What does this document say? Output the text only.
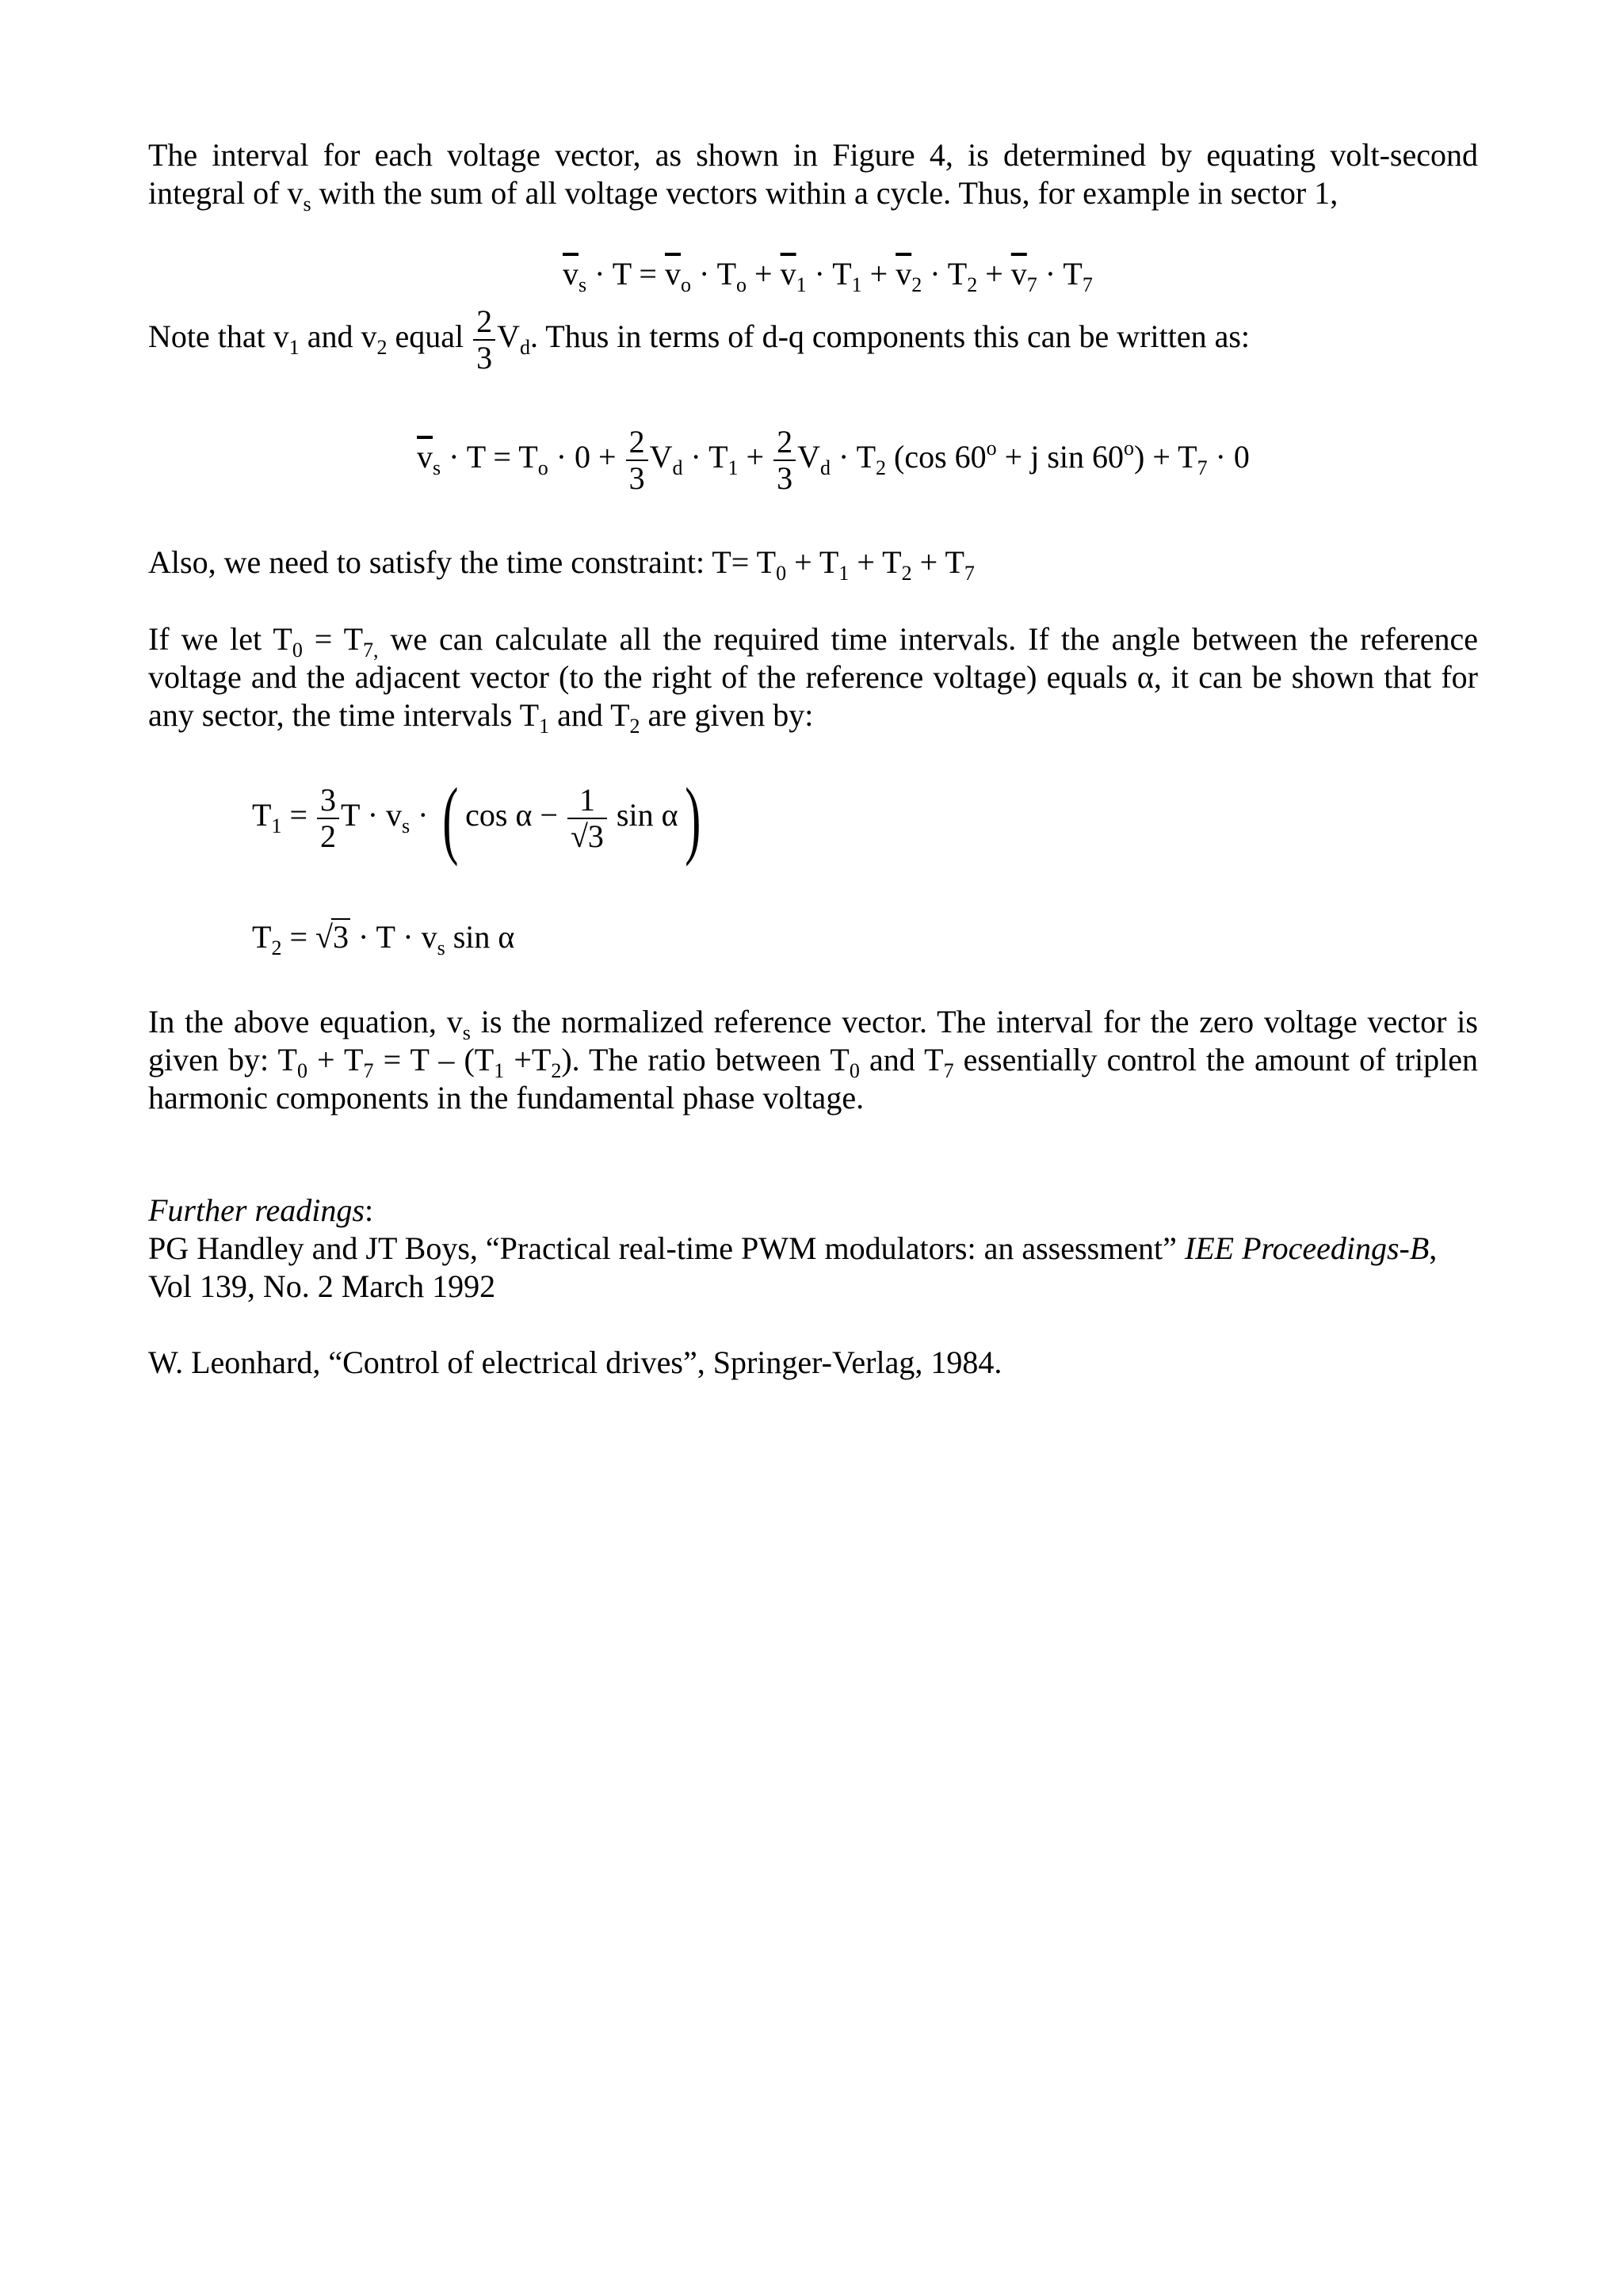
The interval for each voltage vector, as shown in Figure 4, is determined by equating volt-second integral of $v_s$ with the sum of all voltage vectors within a cycle. Thus, for example in sector 1,
$\overline{v}_s \cdot T = \overline{v}_o \cdot T_o + \overline{v}_1 \cdot T_1 + \overline{v}_2 \cdot T_2 + \overline{v}_7 \cdot T_7$
Note that $v_1$ and $v_2$ equal $\frac{2}{3} V_d$. Thus in terms of d-q components this can be written as:
$\overline{v}_s \cdot T = T_o \cdot 0 + \frac{2}{3} V_d \cdot T_1 + \frac{2}{3} V_d \cdot T_2$ (cos $60^o + j$ $\sin 60^o) + T_7 \cdot 0$
Also, we need to satisfy the time constraint: $T= T_0 + T_1 + T_2 + T_7$
If we let $T_0 = T_{7,}$ we can calculate all the required time intervals. If the angle between the reference voltage and the adjacent vector (to the right of the reference voltage) equals α, it can be shown that for any sector, the time intervals $T_1$ and $T_2$ are given by:
$T_1 = \frac{3}{2}$ $T \cdot v_s$ · ( $\cos \alpha - \frac{1}{√3}$ sin α)
$T_2 = √3 \cdot T \cdot v_s$ sin α
In the above equation, $v_s$ is the normalized reference vector. The interval for the zero voltage vector is given by: $T_0 + T_7 = T - (T_1 +T_2)$. The ratio between $T_0$ and $T_7$ essentially control the amount of triplen harmonic components in the fundamental phase voltage.
Further readings:
PG Handley and JT Boys, “Practical real-time PWM modulators: an assessment” IEE Proceedings-B, Vol 139, No. 2 March 1992
W. Leonhard, “Control of electrical drives”, Springer-Verlag, 1984.
